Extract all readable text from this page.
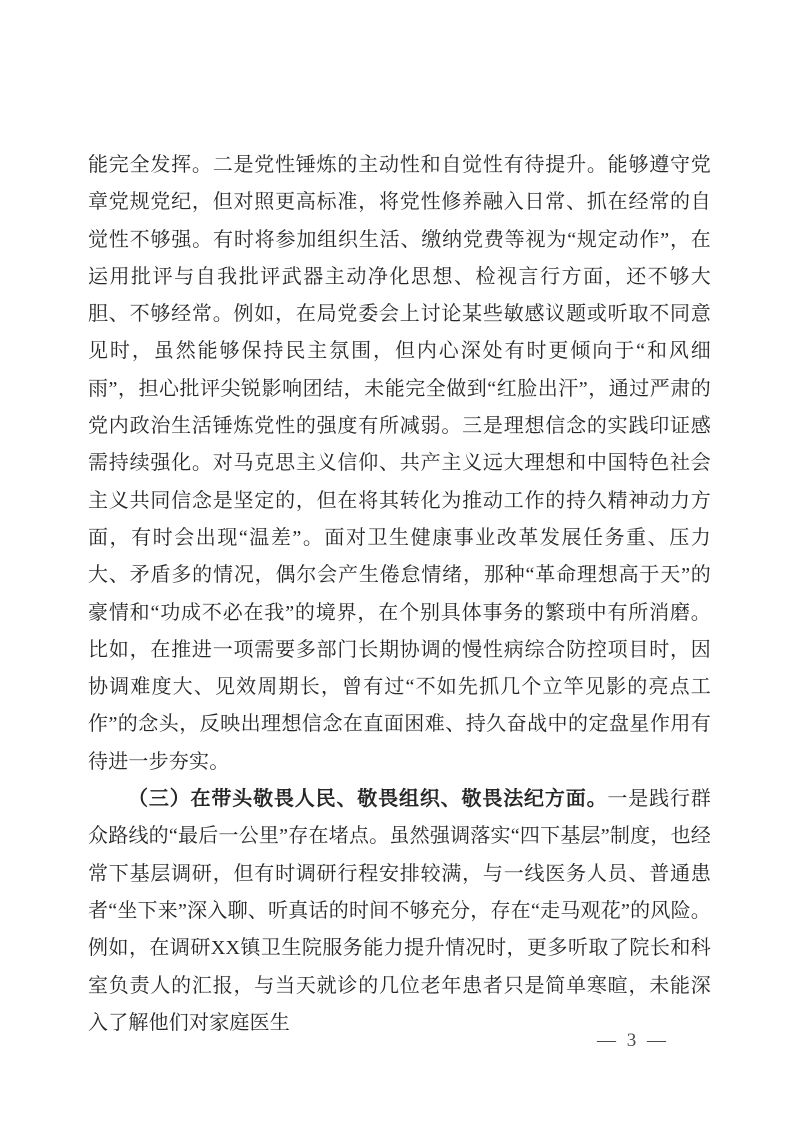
能完全发挥。二是党性锤炼的主动性和自觉性有待提升。能够遵守党章党规党纪，但对照更高标准，将党性修养融入日常、抓在经常的自觉性不够强。有时将参加组织生活、缴纳党费等视为“规定动作”，在运用批评与自我批评武器主动净化思想、检视言行方面，还不够大胆、不够经常。例如，在局党委会上讨论某些敏感议题或听取不同意见时，虽然能够保持民主氛围，但内心深处有时更倾向于“和风细雨”，担心批评尖锐影响团结，未能完全做到“红脸出汗”，通过严肃的党内政治生活锤炼党性的强度有所减弱。三是理想信念的实践印证感需持续强化。对马克思主义信仰、共产主义远大理想和中国特色社会主义共同信念是坚定的，但在将其转化为推动工作的持久精神动力方面，有时会出现“温差”。面对卫生健康事业改革发展任务重、压力大、矛盾多的情况，偶尔会产生倦怠情绪，那种“革命理想高于天”的豪情和“功成不必在我”的境界，在个别具体事务的繁琐中有所消磨。比如，在推进一项需要多部门长期协调的慢性病综合防控项目时，因协调难度大、见效周期长，曾有过“不如先抓几个立竿见影的亮点工作”的念头，反映出理想信念在直面困难、持久奋战中的定盘星作用有待进一步夯实。

（三）在带头敬畏人民、敬畏组织、敬畏法纪方面。一是践行群众路线的“最后一公里”存在堵点。虽然强调落实“四下基层”制度，也经常下基层调研，但有时调研行程安排较满，与一线医务人员、普通患者“坐下来”深入聊、听真话的时间不够充分，存在“走马观花”的风险。例如，在调研XX镇卫生院服务能力提升情况时，更多听取了院长和科室负责人的汇报，与当天就诊的几位老年患者只是简单寒暄，未能深入了解他们对家庭医生

— 3 —
